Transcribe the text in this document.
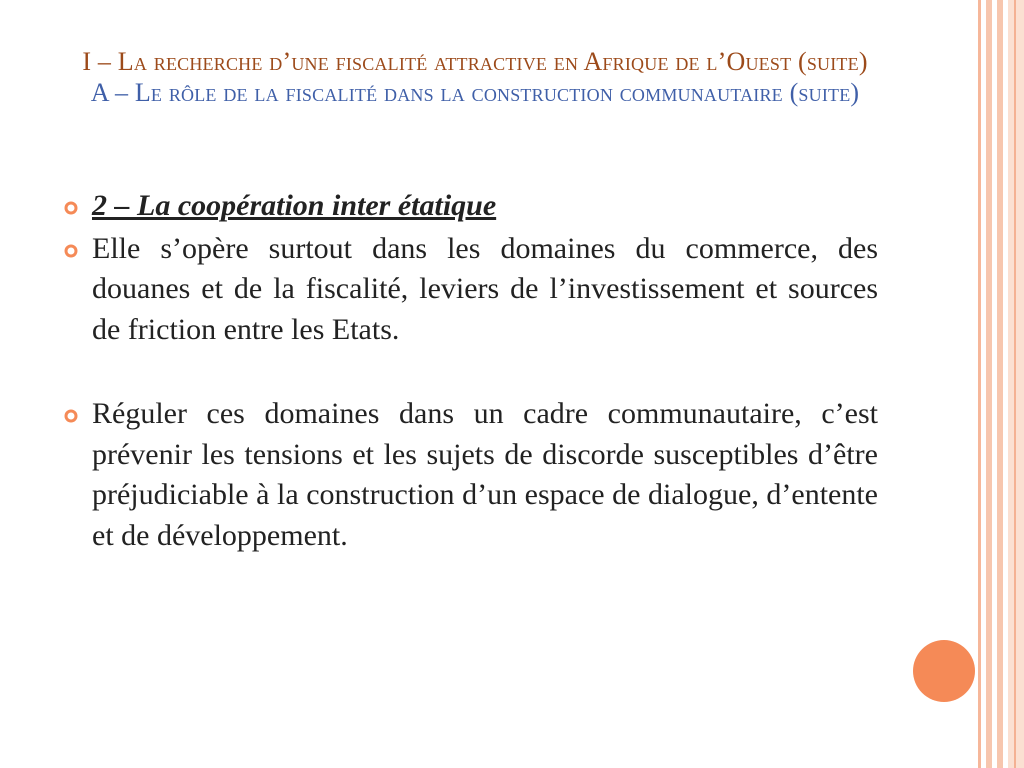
I – La recherche d’une fiscalité attractive en Afrique de l’Ouest (suite)
A – Le rôle de la fiscalité dans la construction communautaire (suite)
2 – La coopération inter étatique
Elle s’opère surtout dans les domaines du commerce, des douanes et de la fiscalité, leviers de l’investissement et sources de friction entre les Etats.
Réguler ces domaines dans un cadre communautaire, c’est prévenir les tensions et les sujets de discorde susceptibles d’être préjudiciable à la construction d’un espace de dialogue, d’entente et de développement.
